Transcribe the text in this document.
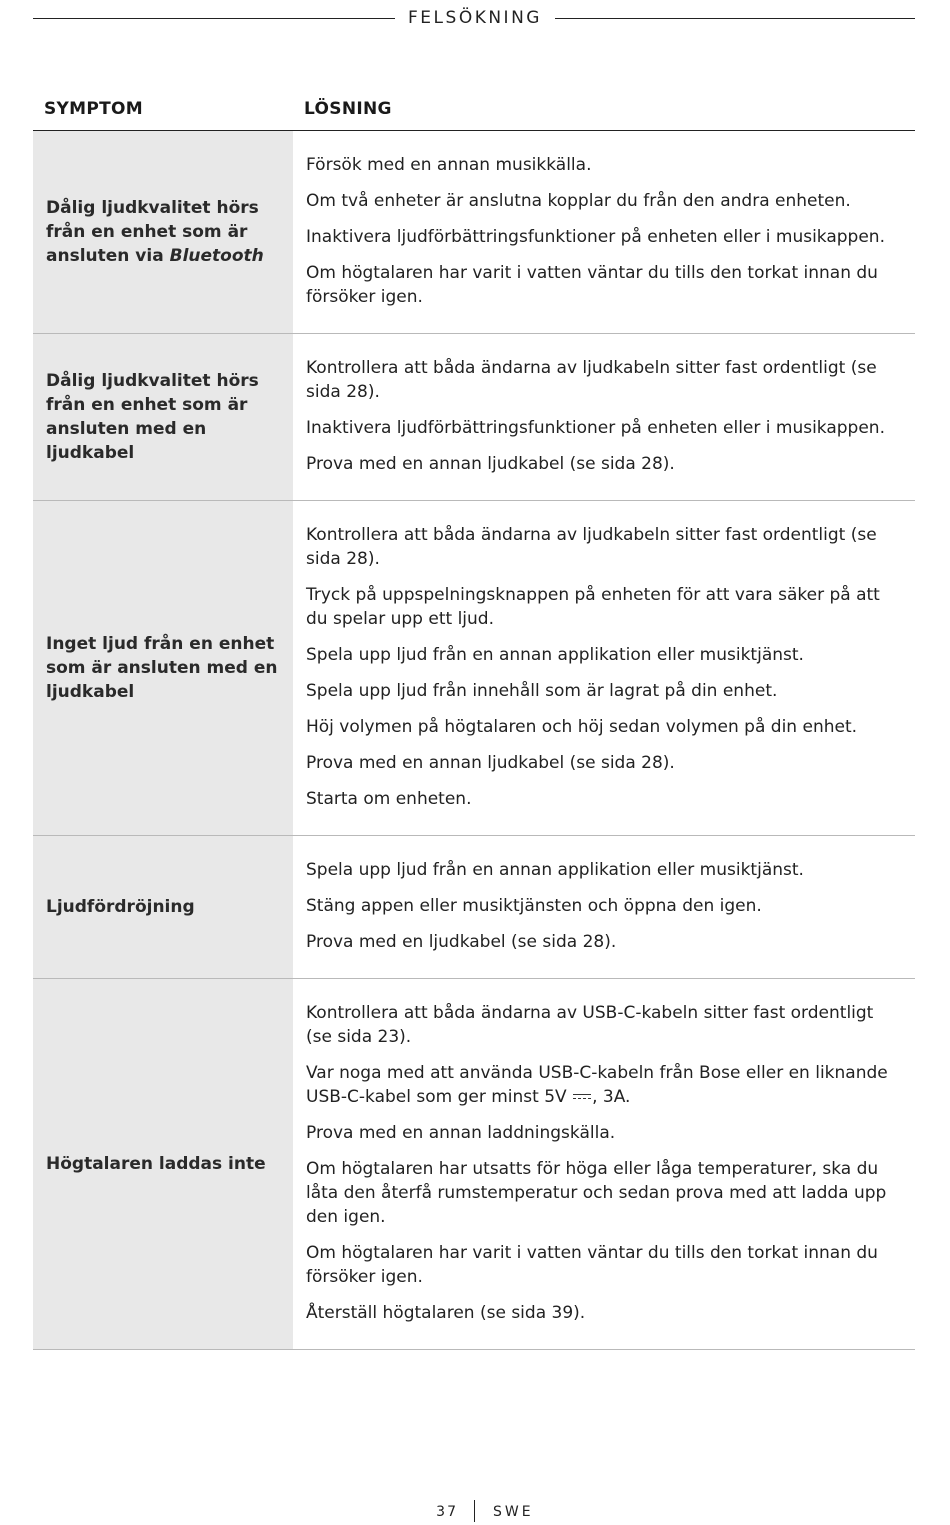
FELSÖKNING
SYMPTOM	LÖSNING
Dålig ljudkvalitet hörs från en enhet som är ansluten via Bluetooth

Försök med en annan musikkälla.

Om två enheter är anslutna kopplar du från den andra enheten.

Inaktivera ljudförbättringsfunktioner på enheten eller i musikappen.

Om högtalaren har varit i vatten väntar du tills den torkat innan du försöker igen.

Dålig ljudkvalitet hörs från en enhet som är ansluten med en ljudkabel

Kontrollera att båda ändarna av ljudkabeln sitter fast ordentligt (se sida 28).

Inaktivera ljudförbättringsfunktioner på enheten eller i musikappen.

Prova med en annan ljudkabel (se sida 28).

Inget ljud från en enhet som är ansluten med en ljudkabel

Kontrollera att båda ändarna av ljudkabeln sitter fast ordentligt (se sida 28).

Tryck på uppspelningsknappen på enheten för att vara säker på att du spelar upp ett ljud.

Spela upp ljud från en annan applikation eller musiktjänst.

Spela upp ljud från innehåll som är lagrat på din enhet.

Höj volymen på högtalaren och höj sedan volymen på din enhet.

Prova med en annan ljudkabel (se sida 28).

Starta om enheten.

Ljudfördröjning

Spela upp ljud från en annan applikation eller musiktjänst.

Stäng appen eller musiktjänsten och öppna den igen.

Prova med en ljudkabel (se sida 28).

Högtalaren laddas inte

Kontrollera att båda ändarna av USB-C-kabeln sitter fast ordentligt (se sida 23).

Var noga med att använda USB-C-kabeln från Bose eller en liknande USB-C-kabel som ger minst 5V
, 3A.

Prova med en annan laddningskälla.

Om högtalaren har utsatts för höga eller låga temperaturer, ska du låta den återfå rumstemperatur och sedan prova med att ladda upp den igen.

Om högtalaren har varit i vatten väntar du tills den torkat innan du försöker igen.

Återställ högtalaren (se sida 39).

37	SWE
